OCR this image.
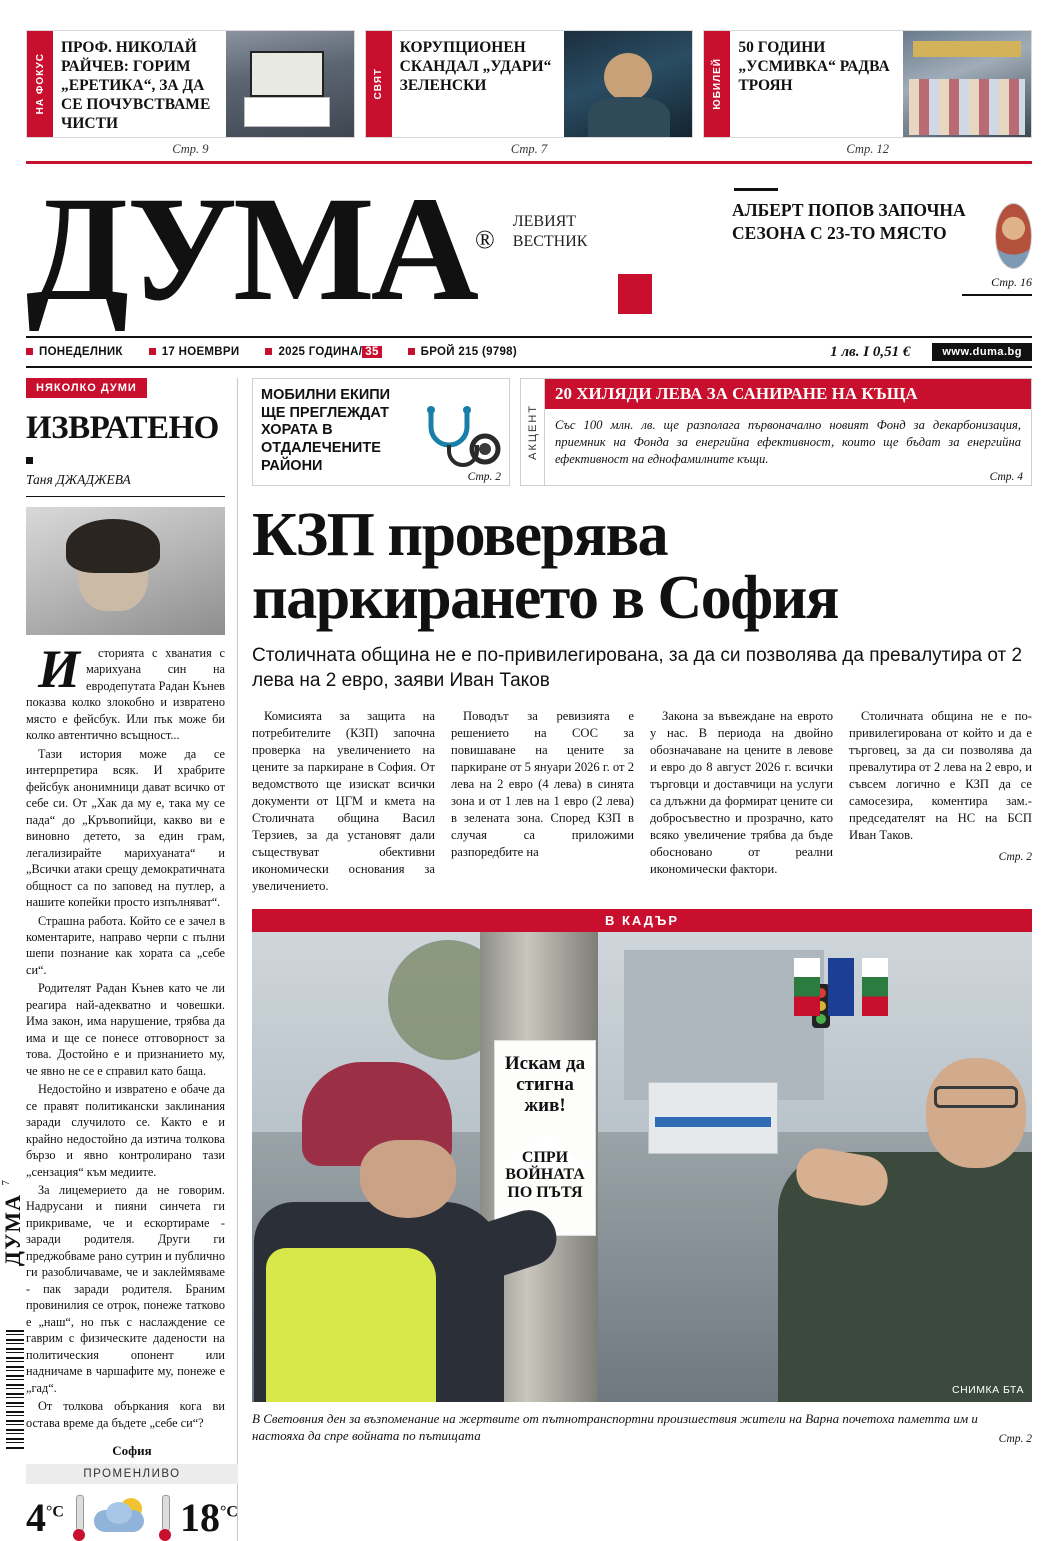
НА ФОКУС
ПРОФ. НИКОЛАЙ РАЙЧЕВ: ГОРИМ „ЕРЕТИКА“, ЗА ДА СЕ ПОЧУВСТВАМЕ ЧИСТИ
СВЯТ
КОРУПЦИОНЕН СКАНДАЛ „УДАРИ“ ЗЕЛЕНСКИ	ЮБИЛЕЙ
50 ГОДИНИ „УСМИВКА“ РАДВА ТРОЯН
Стр. 9	Стр. 7	Стр. 12
ДУМА®
ЛЕВИЯТ
ВЕСТНИК
АЛБЕРТ ПОПОВ ЗАПОЧНА СЕЗОНА С 23-ТО МЯСТО
Стр. 16
ПОНЕДЕЛНИК	17 НОЕМВРИ	2025 ГОДИНА/ 35	БРОЙ 215 (9798)	1 лв. I 0,51 €	www.duma.bg
НЯКОЛКО ДУМИ
ИЗВРАТЕНО
Таня ДЖАДЖЕВА

И	сторията с хванатия с марихуана син на евродепутата Радан Кънев показва колко злокобно и извратено място е фейсбук. Или пък може би колко автентично всъщност...

Тази история може да се интерпретира всяк. И храбрите фейсбук анонимници дават всичко от себе си. От „Хак да му е, така му се пада“ до „Кръвопийци, какво ви е виновно детето, за един грам, легализирайте марихуаната“ и „Всички атаки срещу демократичната общност са по заповед на путлер, а нашите копейки просто изпълняват“.

Страшна работа. Който се е зачел в коментарите, направо черпи с пълни шепи познание как хората са „себе си“.

Родителят Радан Кънев като че ли реагира най-адекватно и човешки. Има закон, има нарушение, трябва да има и ще се понесе отговорност за това. Достойно е и признанието му, че явно не се е справил като баща.

Недостойно и извратено е обаче да се правят политикански заклинания заради случилото се. Както е и крайно недостойно да изтича толкова бързо и явно контролирано тази „сензация“ към медиите.

За лицемерието да не говорим. Надрусани и пияни синчета ги прикриваме, че и ескортираме - заради родителя. Други ги преджобваме рано сутрин и публично ги разобличаваме, че и заклеймяваме - пак заради родителя. Браним провинилия се отрок, понеже татково е „наш“, но пък с наслаждение се гаврим с физическите дадености на политическия опонент или надничаме в чаршафите му, понеже е „гад“.

От толкова объркания кога ви остава време да бъдете „себе си“?

София
ПРОМЕНЛИВО
$4^{^\circ C}$	$18^{^\circ C}$
МОБИЛНИ ЕКИПИ ЩЕ ПРЕГЛЕЖДАТ ХОРАТА В ОТДАЛЕЧЕНИТЕ РАЙОНИ
Стр. 2
АКЦЕНТ
20 ХИЛЯДИ ЛЕВА ЗА САНИРАНЕ НА КЪЩА
Със 100 млн. лв. ще разполага първоначално новият Фонд за декарбонизация, приемник на Фонда за енергийна ефективност, които ще бъдат за енергийна ефективност на еднофамилните къщи.
Стр. 4
КЗП проверява
паркирането в София
Столичната община не е по-привилегирована, за да си позволява да превалутира от 2 лева на 2 евро, заяви Иван Таков

Комисията за защита на потребителите (КЗП) започна проверка на увеличението на цените за паркиране в София. От ведомството ще изискат всички документи от ЦГМ и кмета на Столичната община Васил Терзиев, за да установят дали съществуват обективни икономически основания за увеличението.

Поводът за ревизията е решението на СОС за повишаване на цените за паркиране от 5 януари 2026 г. от 2 лева на 2 евро (4 лева) в синята зона и от 1 лев на 1 евро (2 лева) в зелената зона. Според КЗП в случая са приложими разпоредбите на

Закона за въвеждане на еврото у нас. В периода на двойно обозначаване на цените в левове и евро до 8 август 2026 г. всички търговци и доставчици на услуги са длъжни да формират цените си добросъвестно и прозрачно, като всяко увеличение трябва да бъде обосновано от реални икономически фактори.

Столичната община не е по-привилегирована от който и да е търговец, за да си позволява да превалутира от 2 лева на 2 евро, и съвсем логично е КЗП да се самосезира, коментира зам.-председателят на НС на БСП Иван Таков.

Стр. 2
В КАДЪР
Искам да стигна жив!
СПРИ ВОЙНАТА ПО ПЪТЯ
СНИМКА БТА
В Световния ден за възпоменание на жертвите от пътнотранспортни произшествия жители на Варна почетоха паметта им и настояха да спре войната по пътищата	Стр. 2
7
ДУМА
